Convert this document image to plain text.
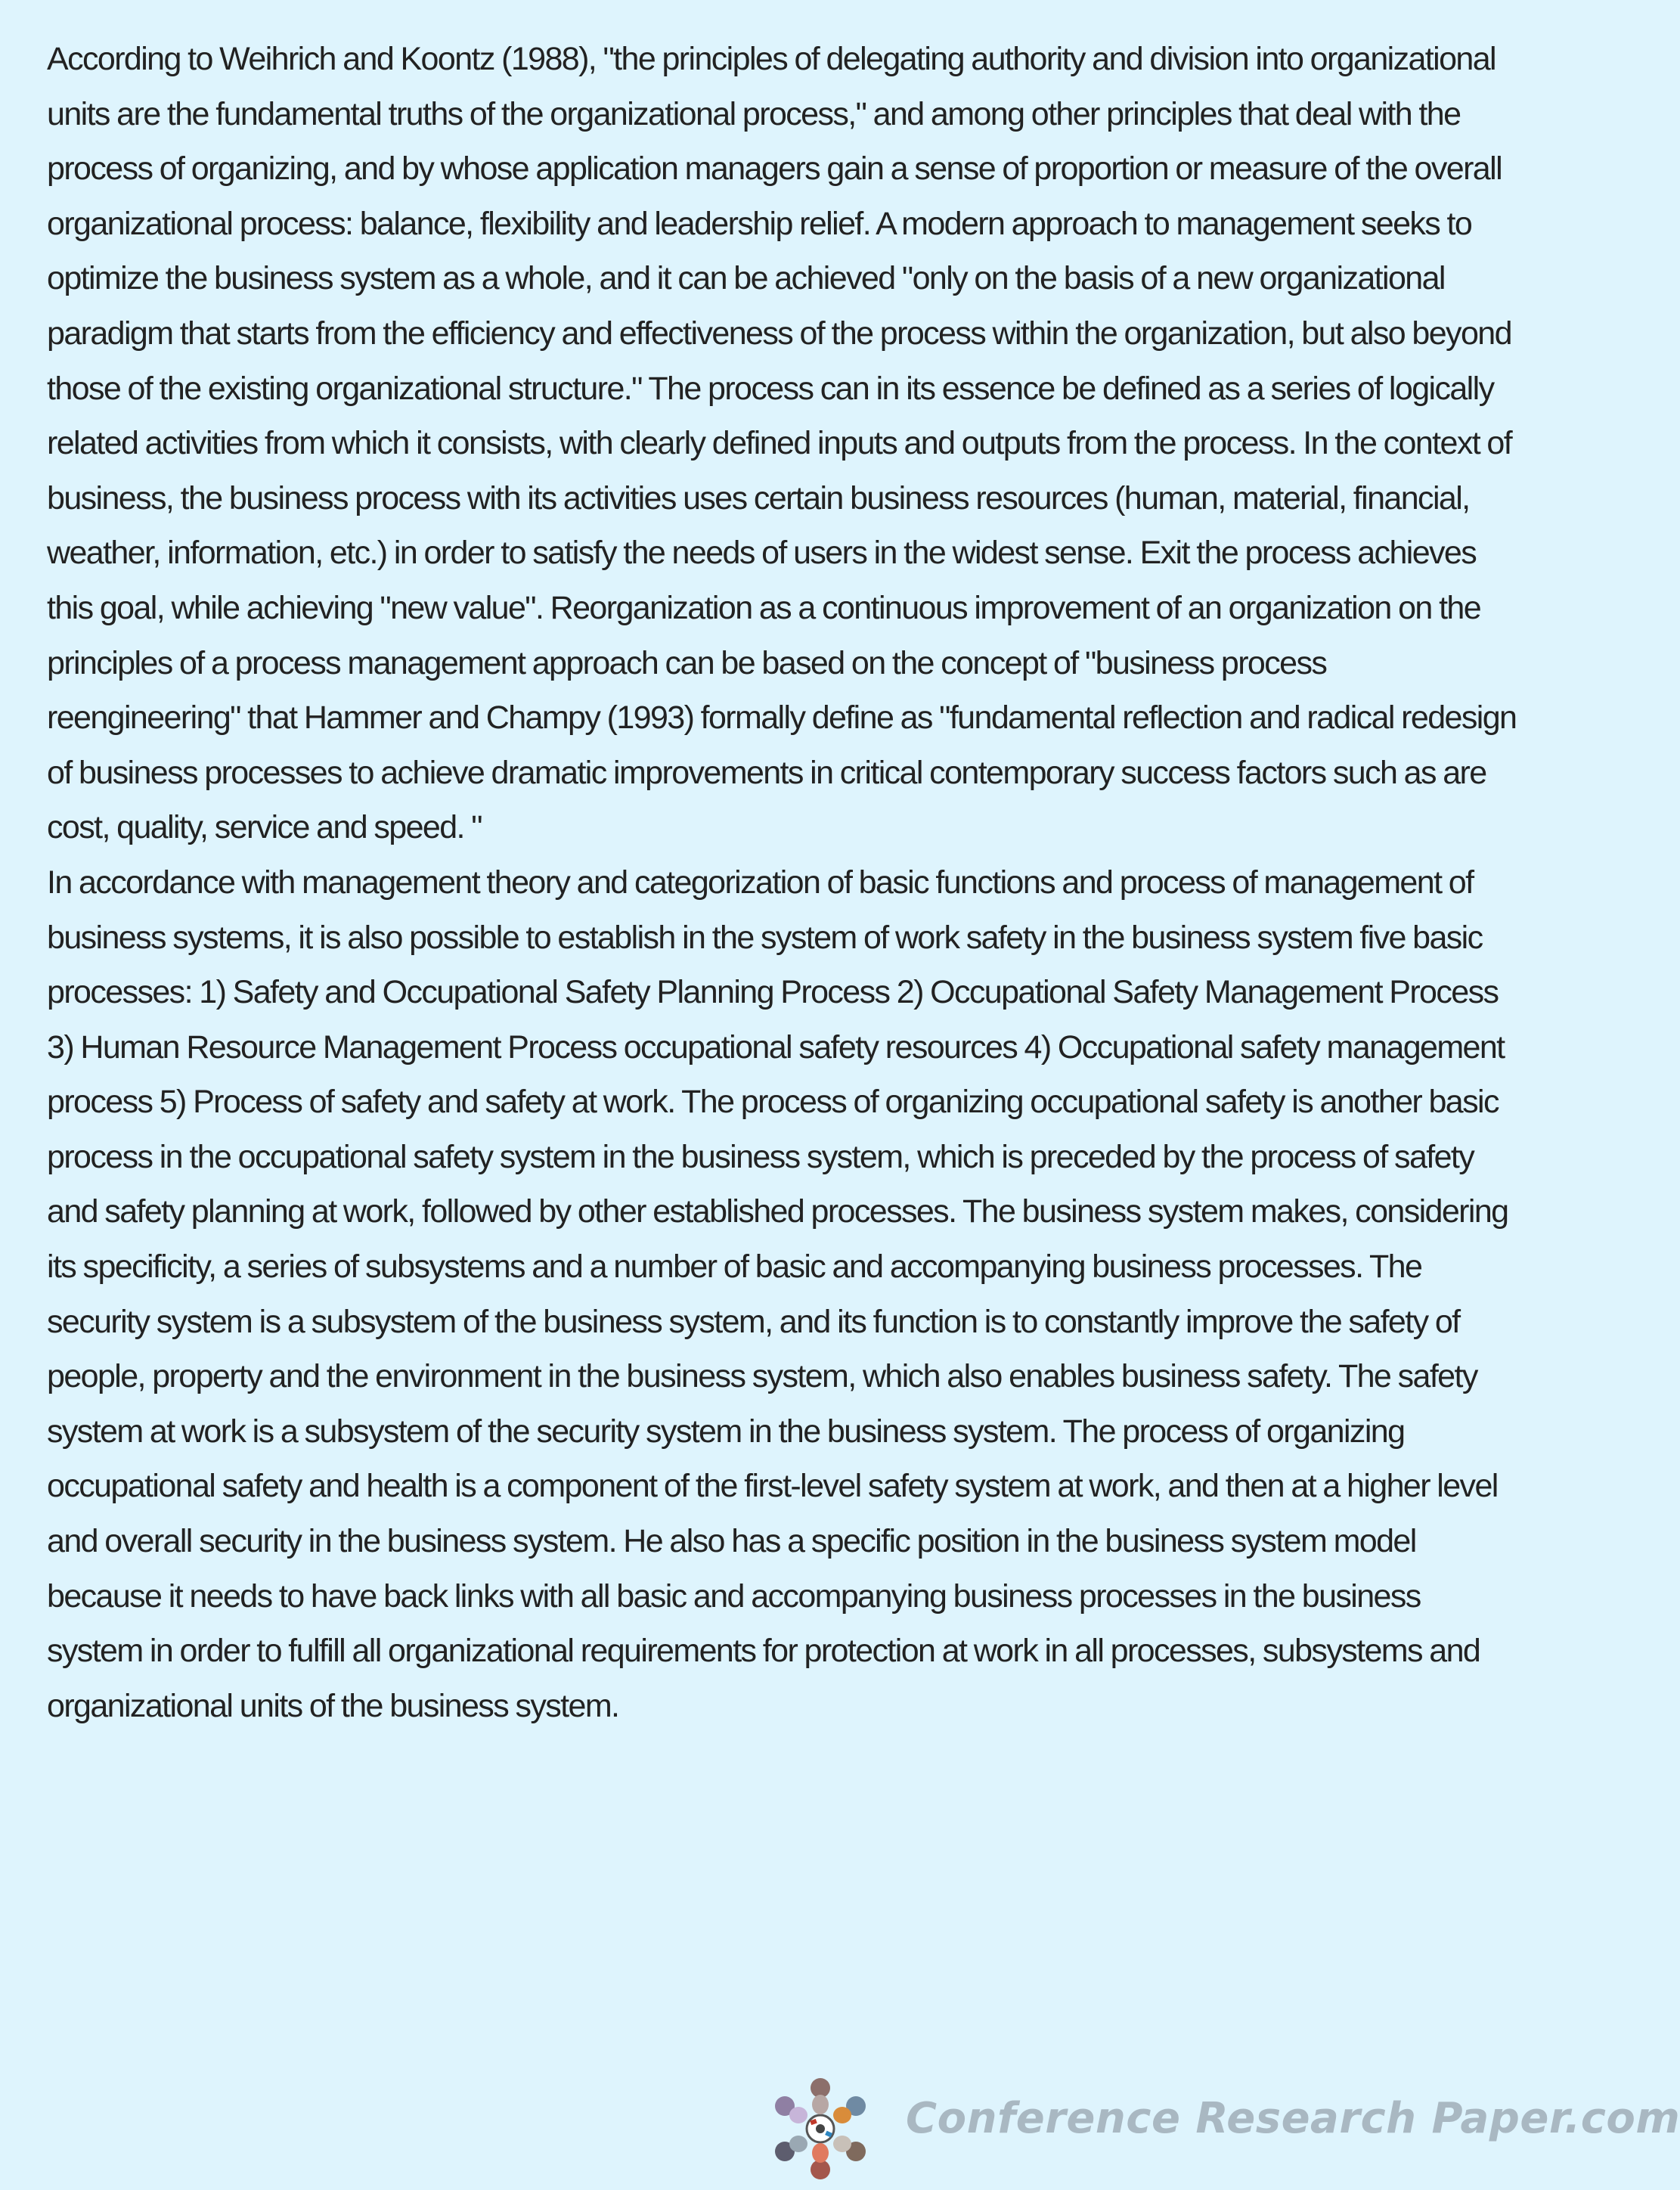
According to Weihrich and Koontz (1988), "the principles of delegating authority and division into organizational units are the fundamental truths of the organizational process," and among other principles that deal with the process of organizing, and by whose application managers gain a sense of proportion or measure of the overall organizational process: balance, flexibility and leadership relief. A modern approach to management seeks to optimize the business system as a whole, and it can be achieved "only on the basis of a new organizational paradigm that starts from the efficiency and effectiveness of the process within the organization, but also beyond those of the existing organizational structure." The process can in its essence be defined as a series of logically related activities from which it consists, with clearly defined inputs and outputs from the process. In the context of business, the business process with its activities uses certain business resources (human, material, financial, weather, information, etc.) in order to satisfy the needs of users in the widest sense. Exit the process achieves this goal, while achieving "new value". Reorganization as a continuous improvement of an organization on the principles of a process management approach can be based on the concept of "business process reengineering" that Hammer and Champy (1993) formally define as "fundamental reflection and radical redesign of business processes to achieve dramatic improvements in critical contemporary success factors such as are cost, quality, service and speed. "

In accordance with management theory and categorization of basic functions and process of management of business systems, it is also possible to establish in the system of work safety in the business system five basic processes: 1) Safety and Occupational Safety Planning Process 2) Occupational Safety Management Process 3) Human Resource Management Process occupational safety resources 4) Occupational safety management process 5) Process of safety and safety at work. The process of organizing occupational safety is another basic process in the occupational safety system in the business system, which is preceded by the process of safety and safety planning at work, followed by other established processes. The business system makes, considering its specificity, a series of subsystems and a number of basic and accompanying business processes. The security system is a subsystem of the business system, and its function is to constantly improve the safety of people, property and the environment in the business system, which also enables business safety. The safety system at work is a subsystem of the security system in the business system. The process of organizing occupational safety and health is a component of the first-level safety system at work, and then at a higher level and overall security in the business system. He also has a specific position in the business system model because it needs to have back links with all basic and accompanying business processes in the business system in order to fulfill all organizational requirements for protection at work in all processes, subsystems and organizational units of the business system.

Conference Research Paper.com
